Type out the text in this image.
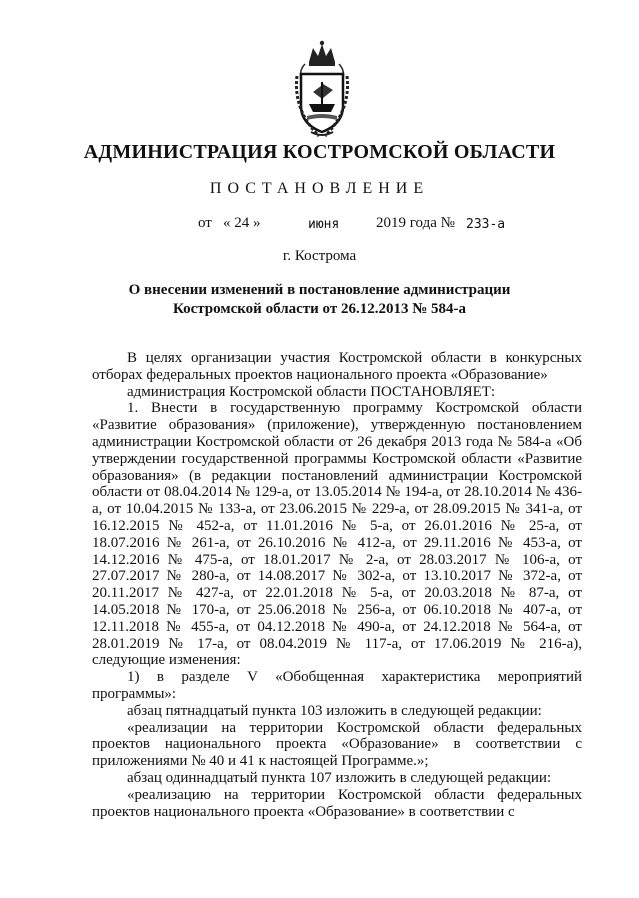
АДМИНИСТРАЦИЯ КОСТРОМСКОЙ ОБЛАСТИ
ПОСТАНОВЛЕНИЕ
от « 24 »	июня 2019 года № 233-а
г. Кострома
О внесении изменений в постановление администрации
Костромской области от 26.12.2013 № 584-а

В целях организации участия Костромской области в конкурсных отборах федеральных проектов национального проекта «Образование»

администрация Костромской области ПОСТАНОВЛЯЕТ:

1. Внести в государственную программу Костромской области «Развитие образования» (приложение), утвержденную постановлением администрации Костромской области от 26 декабря 2013 года № 584-а «Об утверждении государственной программы Костромской области «Развитие образования» (в редакции постановлений администрации Костромской области от 08.04.2014 № 129-а, от 13.05.2014 № 194-а, от 28.10.2014 № 436-а, от 10.04.2015 № 133-а, от 23.06.2015 № 229-а, от 28.09.2015 № 341-а, от 16.12.2015 № 452-а, от 11.01.2016 № 5-а, от 26.01.2016 № 25-а, от 18.07.2016 № 261-а, от 26.10.2016 № 412-а, от 29.11.2016 № 453-а, от 14.12.2016 № 475-а, от 18.01.2017 № 2-а, от 28.03.2017 № 106-а, от 27.07.2017 № 280-а, от 14.08.2017 № 302-а, от 13.10.2017 № 372-а, от 20.11.2017 № 427-а, от 22.01.2018 № 5-а, от 20.03.2018 № 87-а, от 14.05.2018 № 170-а, от 25.06.2018 № 256-а, от 06.10.2018 № 407-а, от 12.11.2018 № 455-а, от 04.12.2018 № 490-а, от 24.12.2018 № 564-а, от 28.01.2019 № 17-а, от 08.04.2019 № 117-а, от 17.06.2019 № 216-а), следующие изменения:

1) в разделе V «Обобщенная характеристика мероприятий программы»:

абзац пятнадцатый пункта 103 изложить в следующей редакции:

«реализации на территории Костромской области федеральных проектов национального проекта «Образование» в соответствии с приложениями № 40 и 41 к настоящей Программе.»;

абзац одиннадцатый пункта 107 изложить в следующей редакции:

«реализацию на территории Костромской области федеральных проектов национального проекта «Образование» в соответствии с
